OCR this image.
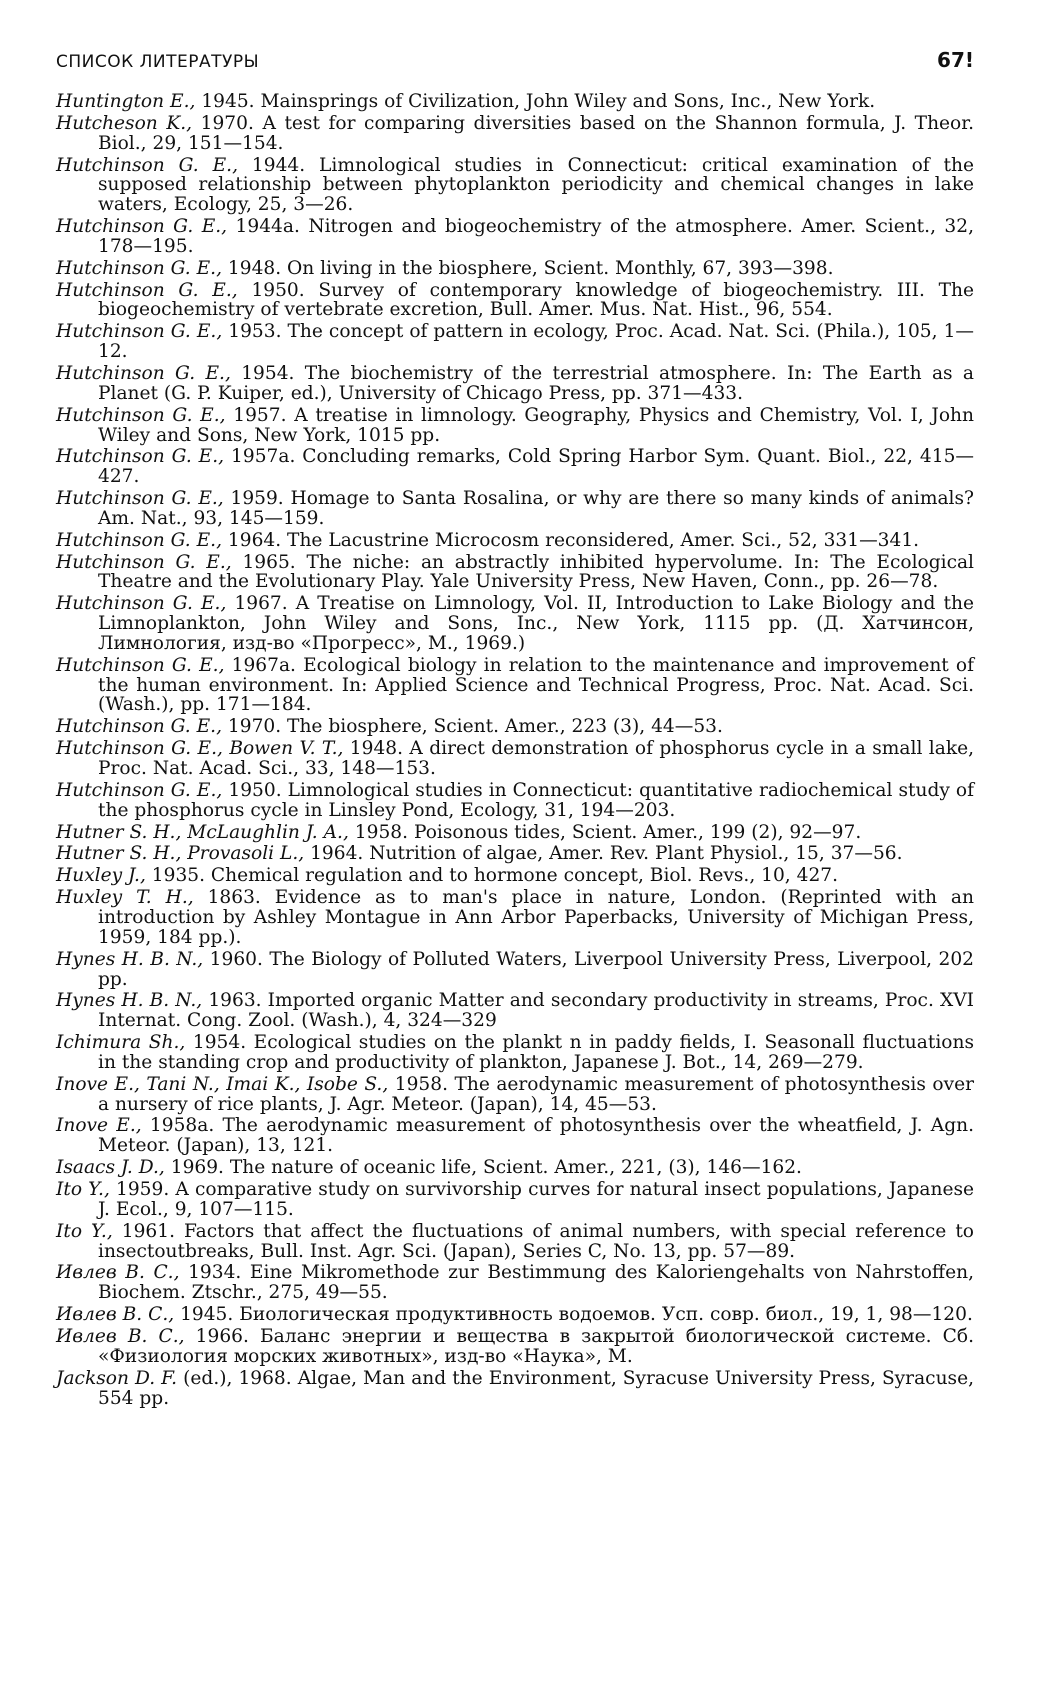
СПИСОК ЛИТЕРАТУРЫ	67!
Huntington E., 1945. Mainsprings of Civilization, John Wiley and Sons, Inc., New York.
Hutcheson K., 1970. A test for comparing diversities based on the Shannon formula, J. Theor. Biol., 29, 151—154.
Hutchinson G. E., 1944. Limnological studies in Connecticut: critical examination of the supposed relationship between phytoplankton periodicity and chemical changes in lake waters, Ecology, 25, 3—26.
Hutchinson G. E., 1944a. Nitrogen and biogeochemistry of the atmosphere. Amer. Scient., 32, 178—195.
Hutchinson G. E., 1948. On living in the biosphere, Scient. Monthly, 67, 393—398.
Hutchinson G. E., 1950. Survey of contemporary knowledge of biogeochemistry. III. The biogeochemistry of vertebrate excretion, Bull. Amer. Mus. Nat. Hist., 96, 554.
Hutchinson G. E., 1953. The concept of pattern in ecology, Proc. Acad. Nat. Sci. (Phila.), 105, 1—12.
Hutchinson G. E., 1954. The biochemistry of the terrestrial atmosphere. In: The Earth as a Planet (G. P. Kuiper, ed.), University of Chicago Press, pp. 371—433.
Hutchinson G. E., 1957. A treatise in limnology. Geography, Physics and Chemistry, Vol. I, John Wiley and Sons, New York, 1015 pp.
Hutchinson G. E., 1957a. Concluding remarks, Cold Spring Harbor Sym. Quant. Biol., 22, 415—427.
Hutchinson G. E., 1959. Homage to Santa Rosalina, or why are there so many kinds of animals? Am. Nat., 93, 145—159.
Hutchinson G. E., 1964. The Lacustrine Microcosm reconsidered, Amer. Sci., 52, 331—341.
Hutchinson G. E., 1965. The niche: an abstractly inhibited hypervolume. In: The Ecological Theatre and the Evolutionary Play. Yale University Press, New Haven, Conn., pp. 26—78.
Hutchinson G. E., 1967. A Treatise on Limnology, Vol. II, Introduction to Lake Biology and the Limnoplankton, John Wiley and Sons, Inc., New York, 1115 pp. (Д. Хатчинсон, Лимнология, изд-во «Прогресс», М., 1969.)
Hutchinson G. E., 1967a. Ecological biology in relation to the maintenance and improvement of the human environment. In: Applied Science and Technical Progress, Proc. Nat. Acad. Sci. (Wash.), pp. 171—184.
Hutchinson G. E., 1970. The biosphere, Scient. Amer., 223 (3), 44—53.
Hutchinson G. E., Bowen V. T., 1948. A direct demonstration of phosphorus cycle in a small lake, Proc. Nat. Acad. Sci., 33, 148—153.
Hutchinson G. E., 1950. Limnological studies in Connecticut: quantitative radiochemical study of the phosphorus cycle in Linsley Pond, Ecology, 31, 194—203.
Hutner S. H., McLaughlin J. A., 1958. Poisonous tides, Scient. Amer., 199 (2), 92—97.
Hutner S. H., Provasoli L., 1964. Nutrition of algae, Amer. Rev. Plant Physiol., 15, 37—56.
Huxley J., 1935. Chemical regulation and to hormone concept, Biol. Revs., 10, 427.
Huxley T. H., 1863. Evidence as to man's place in nature, London. (Reprinted with an introduction by Ashley Montague in Ann Arbor Paperbacks, University of Michigan Press, 1959, 184 pp.).
Hynes H. B. N., 1960. The Biology of Polluted Waters, Liverpool University Press, Liverpool, 202 pp.
Hynes H. B. N., 1963. Imported organic Matter and secondary productivity in streams, Proc. XVI Internat. Cong. Zool. (Wash.), 4, 324—329
Ichimura Sh., 1954. Ecological studies on the plankt n in paddy fields, I. Seasonall fluctuations in the standing crop and productivity of plankton, Japanese J. Bot., 14, 269—279.
Inove E., Tani N., Imai K., Isobe S., 1958. The aerodynamic measurement of photosynthesis over a nursery of rice plants, J. Agr. Meteor. (Japan), 14, 45—53.
Inove E., 1958a. The aerodynamic measurement of photosynthesis over the wheatfield, J. Agn. Meteor. (Japan), 13, 121.
Isaacs J. D., 1969. The nature of oceanic life, Scient. Amer., 221, (3), 146—162.
Ito Y., 1959. A comparative study on survivorship curves for natural insect populations, Japanese J. Ecol., 9, 107—115.
Ito Y., 1961. Factors that affect the fluctuations of animal numbers, with special reference to insectoutbreaks, Bull. Inst. Agr. Sci. (Japan), Series C, No. 13, pp. 57—89.
Ивлев В. С., 1934. Eine Mikromethode zur Bestimmung des Kaloriengehalts von Nahrstoffen, Biochem. Ztschr., 275, 49—55.
Ивлев В. С., 1945. Биологическая продуктивность водоемов. Усп. совр. биол., 19, 1, 98—120.
Ивлев В. С., 1966. Баланс энергии и вещества в закрытой биологической системе. Сб. «Физиология морских животных», изд-во «Наука», М.
Jackson D. F. (ed.), 1968. Algae, Man and the Environment, Syracuse University Press, Syracuse, 554 pp.
